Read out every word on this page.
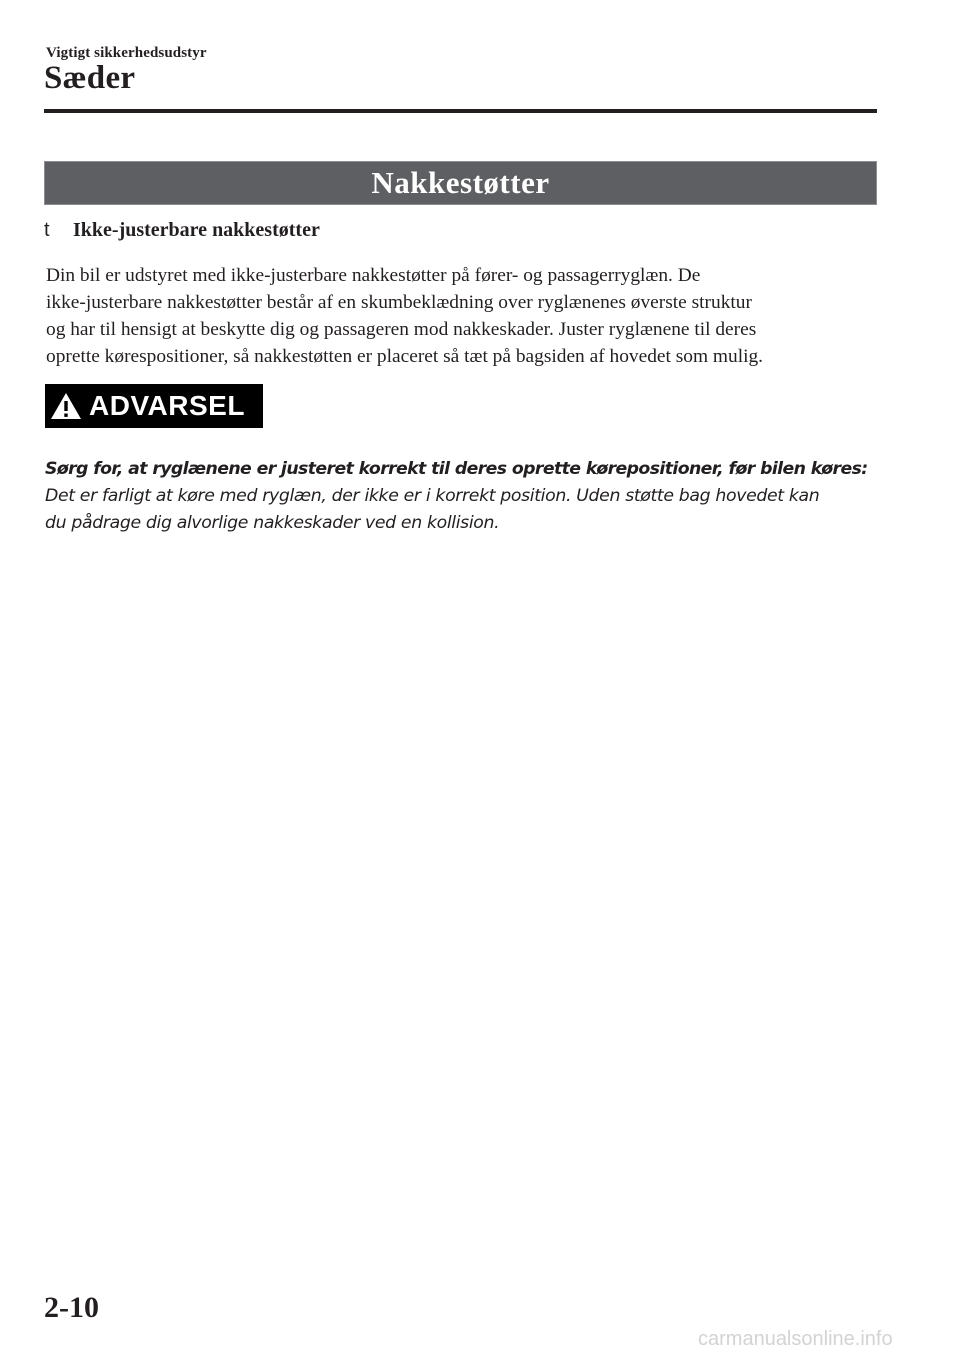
Vigtigt sikkerhedsudstyr
Sæder
Nakkestøtter
t	Ikke-justerbare nakkestøtter
Din bil er udstyret med ikke-justerbare nakkestøtter på fører- og passagerryglæn. De
ikke-justerbare nakkestøtter består af en skumbeklædning over ryglænenes øverste struktur
og har til hensigt at beskytte dig og passageren mod nakkeskader. Juster ryglænene til deres
oprette kørespositioner, så nakkestøtten er placeret så tæt på bagsiden af hovedet som mulig.
ADVARSEL
Sørg for, at ryglænene er justeret korrekt til deres oprette kørepositioner, før bilen køres:
Det er farligt at køre med ryglæn, der ikke er i korrekt position. Uden støtte bag hovedet kan
du pådrage dig alvorlige nakkeskader ved en kollision.
2-10
carmanualsonline.info
